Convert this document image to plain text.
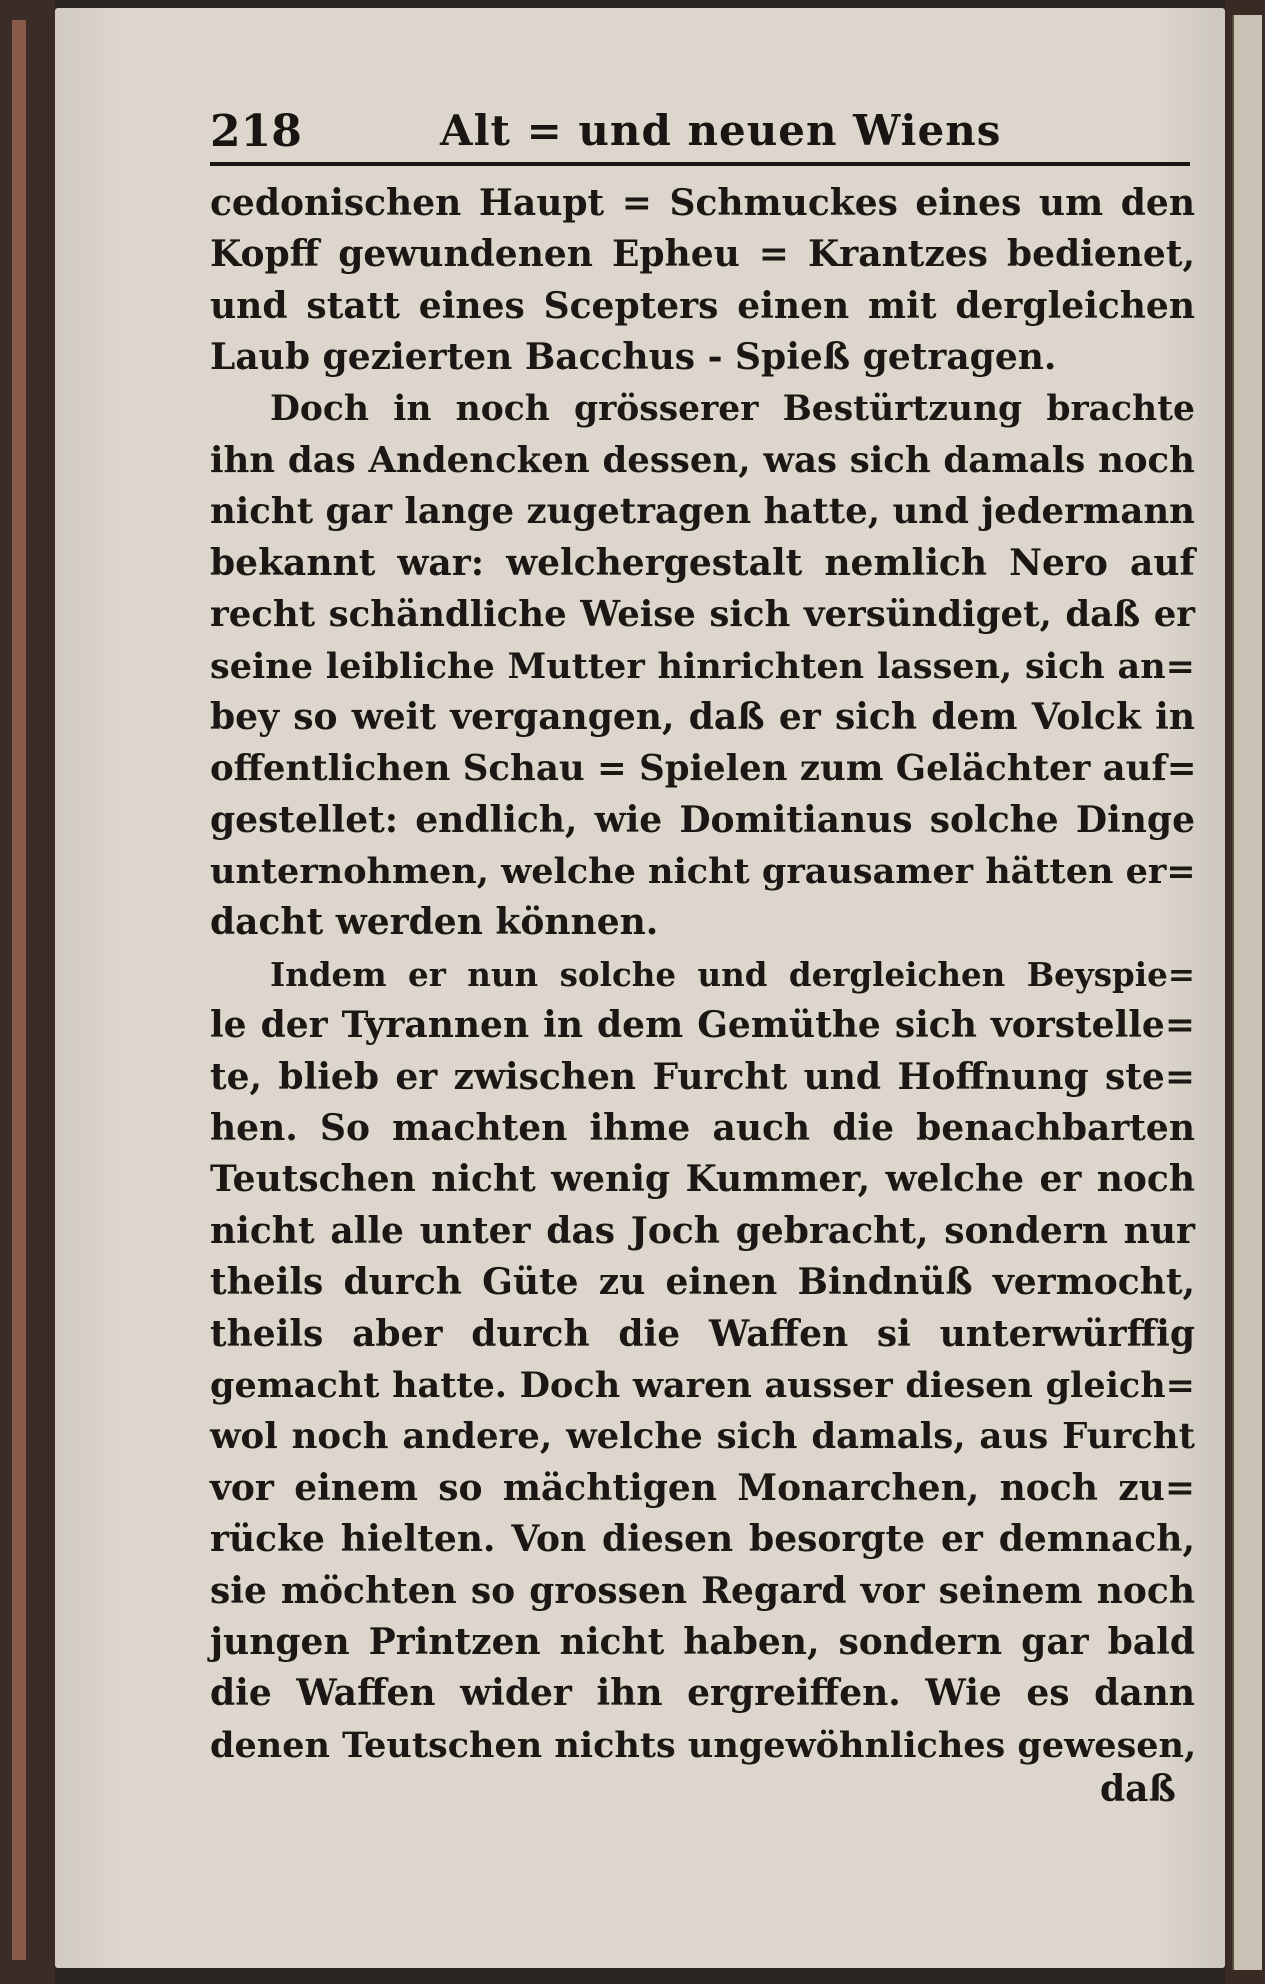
218	Alt = und neuen Wiens
cedonischen Haupt = Schmuckes eines um den
Kopff gewundenen Epheu = Krantzes bedienet,
und statt eines Scepters einen mit dergleichen
Laub gezierten Bacchus - Spieß getragen.
Doch in noch grösserer Bestürtzung brachte
ihn das Andencken dessen, was sich damals noch
nicht gar lange zugetragen hatte, und jedermann
bekannt war: welchergestalt nemlich Nero auf
recht schändliche Weise sich versündiget, daß er
seine leibliche Mutter hinrichten lassen, sich an=
bey so weit vergangen, daß er sich dem Volck in
offentlichen Schau = Spielen zum Gelächter auf=
gestellet: endlich, wie Domitianus solche Dinge
unternohmen, welche nicht grausamer hätten er=
dacht werden können.
Indem er nun solche und dergleichen Beyspie=
le der Tyrannen in dem Gemüthe sich vorstelle=
te, blieb er zwischen Furcht und Hoffnung ste=
hen. So machten ihme auch die benachbarten
Teutschen nicht wenig Kummer, welche er noch
nicht alle unter das Joch gebracht, sondern nur
theils durch Güte zu einen Bindnüß vermocht,
theils aber durch die Waffen si unterwürffig
gemacht hatte. Doch waren ausser diesen gleich=
wol noch andere, welche sich damals, aus Furcht
vor einem so mächtigen Monarchen, noch zu=
rücke hielten. Von diesen besorgte er demnach,
sie möchten so grossen Regard vor seinem noch
jungen Printzen nicht haben, sondern gar bald
die Waffen wider ihn ergreiffen. Wie es dann
denen Teutschen nichts ungewöhnliches gewesen,
daß
